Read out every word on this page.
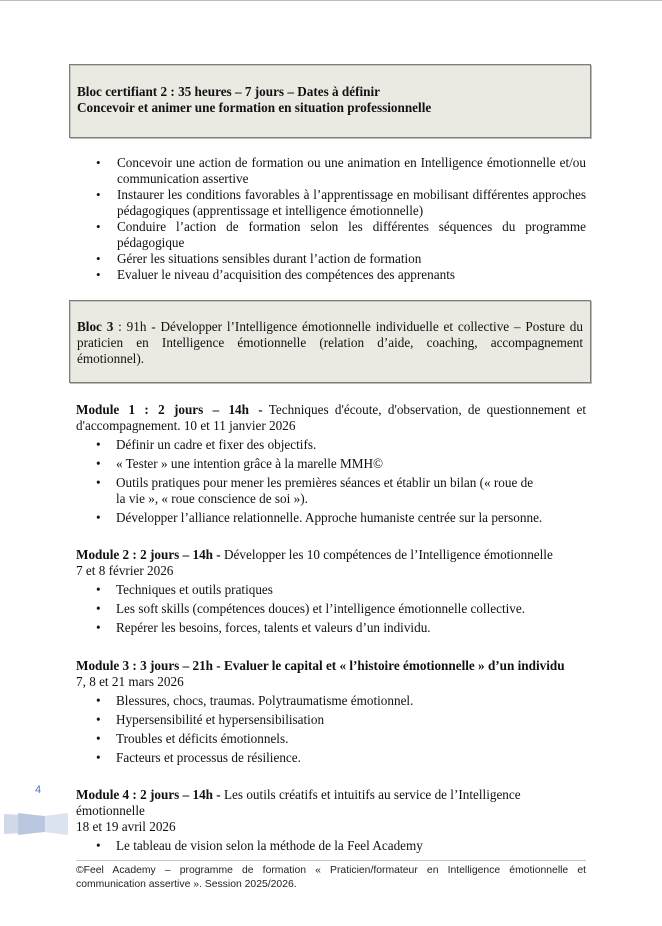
Bloc certifiant 2 : 35 heures – 7 jours – Dates à définir
Concevoir et animer une formation en situation professionnelle
• Concevoir une action de formation ou une animation en Intelligence émotionnelle et/ou communication assertive
• Instaurer les conditions favorables à l’apprentissage en mobilisant différentes approches pédagogiques (apprentissage et intelligence émotionnelle)
• Conduire l’action de formation selon les différentes séquences du programme pédagogique
• Gérer les situations sensibles durant l’action de formation
• Evaluer le niveau d’acquisition des compétences des apprenants
Bloc 3 : 91h - Développer l’Intelligence émotionnelle individuelle et collective – Posture du praticien en Intelligence émotionnelle (relation d’aide, coaching, accompagnement émotionnel).
Module 1 : 2 jours – 14h - Techniques d'écoute, d'observation, de questionnement et d'accompagnement. 10 et 11 janvier 2026
• Définir un cadre et fixer des objectifs.
• « Tester » une intention grâce à la marelle MMH©
• Outils pratiques pour mener les premières séances et établir un bilan (« roue de la vie », « roue conscience de soi »).
• Développer l’alliance relationnelle. Approche humaniste centrée sur la personne.
Module 2 : 2 jours – 14h - Développer les 10 compétences de l’Intelligence émotionnelle
7 et 8 février 2026
• Techniques et outils pratiques
• Les soft skills (compétences douces) et l’intelligence émotionnelle collective.
• Repérer les besoins, forces, talents et valeurs d’un individu.
Module 3 : 3 jours – 21h - Evaluer le capital et « l’histoire émotionnelle » d’un individu
7, 8 et 21 mars 2026
• Blessures, chocs, traumas. Polytraumatisme émotionnel.
• Hypersensibilité et hypersensibilisation
• Troubles et déficits émotionnels.
• Facteurs et processus de résilience.
4	Module 4 : 2 jours – 14h - Les outils créatifs et intuitifs au service de l’Intelligence émotionnelle
18 et 19 avril 2026
• Le tableau de vision selon la méthode de la Feel Academy
©Feel Academy – programme de formation « Praticien/formateur en Intelligence émotionnelle et communication assertive ». Session 2025/2026.
